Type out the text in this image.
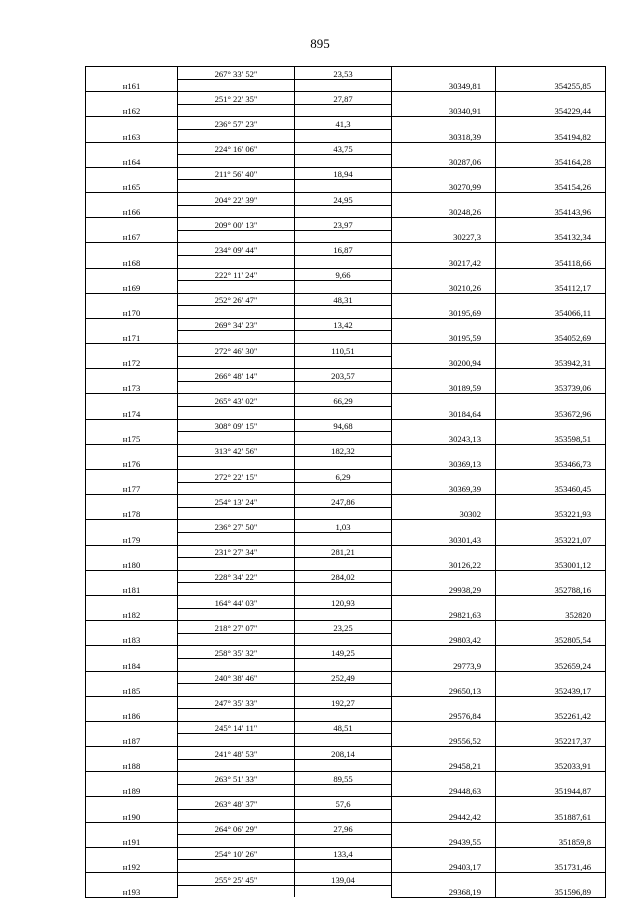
895
	267° 33' 52"	23,53		
н161			30349,81	354255,85
	251° 22' 35"	27,87		
н162			30340,91	354229,44
	236° 57' 23"	41,3		
н163			30318,39	354194,82
	224° 16' 06"	43,75		
н164			30287,06	354164,28
	211° 56' 40"	18,94		
н165			30270,99	354154,26
	204° 22' 39"	24,95		
н166			30248,26	354143,96
	209° 00' 13"	23,97		
н167			30227,3	354132,34
	234° 09' 44"	16,87		
н168			30217,42	354118,66
	222° 11' 24"	9,66		
н169			30210,26	354112,17
	252° 26' 47"	48,31		
н170			30195,69	354066,11
	269° 34' 23"	13,42		
н171			30195,59	354052,69
	272° 46' 30"	110,51		
н172			30200,94	353942,31
	266° 48' 14"	203,57		
н173			30189,59	353739,06
	265° 43' 02"	66,29		
н174			30184,64	353672,96
	308° 09' 15"	94,68		
н175			30243,13	353598,51
	313° 42' 56"	182,32		
н176			30369,13	353466,73
	272° 22' 15"	6,29		
н177			30369,39	353460,45
	254° 13' 24"	247,86		
н178			30302	353221,93
	236° 27' 50"	1,03		
н179			30301,43	353221,07
	231° 27' 34"	281,21		
н180			30126,22	353001,12
	228° 34' 22"	284,02		
н181			29938,29	352788,16
	164° 44' 03"	120,93		
н182			29821,63	352820
	218° 27' 07"	23,25		
н183			29803,42	352805,54
	258° 35' 32"	149,25		
н184			29773,9	352659,24
	240° 38' 46"	252,49		
н185			29650,13	352439,17
	247° 35' 33"	192,27		
н186			29576,84	352261,42
	245° 14' 11"	48,51		
н187			29556,52	352217,37
	241° 48' 53"	208,14		
н188			29458,21	352033,91
	263° 51' 33"	89,55		
н189			29448,63	351944,87
	263° 48' 37"	57,6		
н190			29442,42	351887,61
	264° 06' 29"	27,96		
н191			29439,55	351859,8
	254° 10' 26"	133,4		
н192			29403,17	351731,46
	255° 25' 45"	139,04		
н193			29368,19	351596,89
